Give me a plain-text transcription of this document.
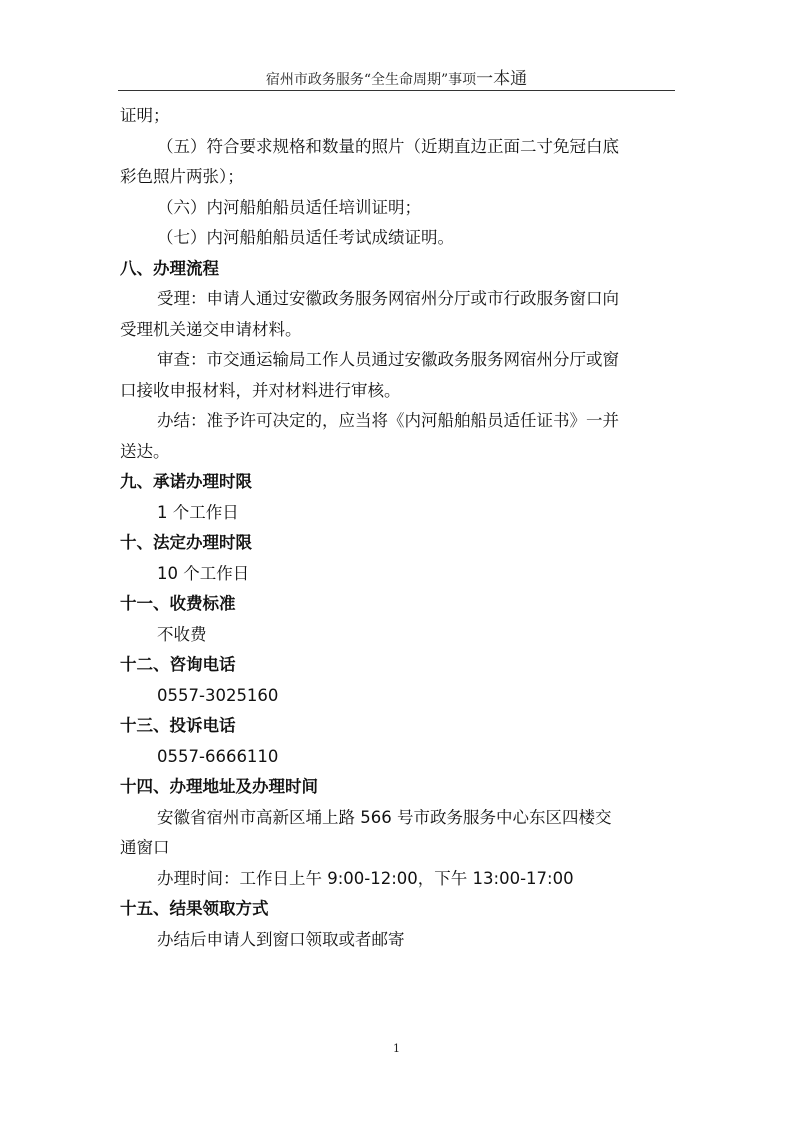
宿州市政务服务“全生命周期”事项一本通
证明；
（五）符合要求规格和数量的照片（近期直边正面二寸免冠白底
彩色照片两张）；
（六）内河船舶船员适任培训证明；
（七）内河船舶船员适任考试成绩证明。
八、办理流程
受理：申请人通过安徽政务服务网宿州分厅或市行政服务窗口向
受理机关递交申请材料。
审查：市交通运输局工作人员通过安徽政务服务网宿州分厅或窗
口接收申报材料，并对材料进行审核。
办结：准予许可决定的，应当将《内河船舶船员适任证书》一并
送达。
九、承诺办理时限
1 个工作日
十、法定办理时限
10 个工作日
十一、收费标准
不收费
十二、咨询电话
0557-3025160
十三、投诉电话
0557-6666110
十四、办理地址及办理时间
安徽省宿州市高新区埇上路 566 号市政务服务中心东区四楼交
通窗口
办理时间：工作日上午 9:00-12:00，下午 13:00-17:00
十五、结果领取方式
办结后申请人到窗口领取或者邮寄
1
